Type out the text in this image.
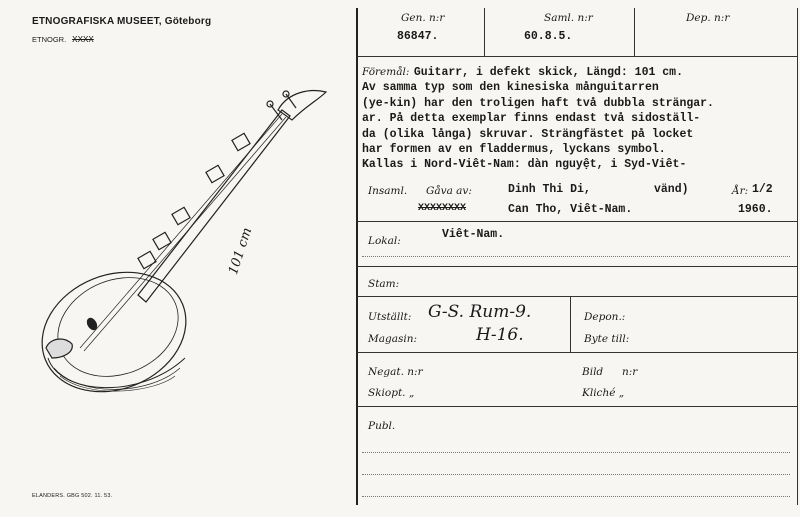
ETNOGRAFISKA MUSEET, Göteborg
ETNOGR. XXXX
101 cm
ELANDERS. GBG 502. 11. 53.
Gen. n:r
86847.
Saml. n:r
60.8.5.
Dep. n:r
Föremål: Guitarr, i defekt skick, Längd: 101 cm.
Av samma typ som den kinesiska månguitarren
(ye-kin) har den troligen haft två dubbla strängar.
ar. På detta exemplar finns endast två sidoställ-
da (olika långa) skruvar. Strängfästet på locket
har formen av en fladdermus, lyckans symbol.
Kallas i Nord-Viêt-Nam: dàn nguyệt, i Syd-Viêt-
Insaml. Gåva av:	Dinh Thi Di,	vänd)	År: 1/2
XXXXXXXX	Can Tho, Viêt-Nam.	1960.
Lokal:	Viêt-Nam.
Stam:
Utställt: G-S. Rum-9.
Magasin:	H-16.
Depon.:
Byte till:
Negat. n:r	Bild n:r
Skiopt. „	Kliché „
Publ.
